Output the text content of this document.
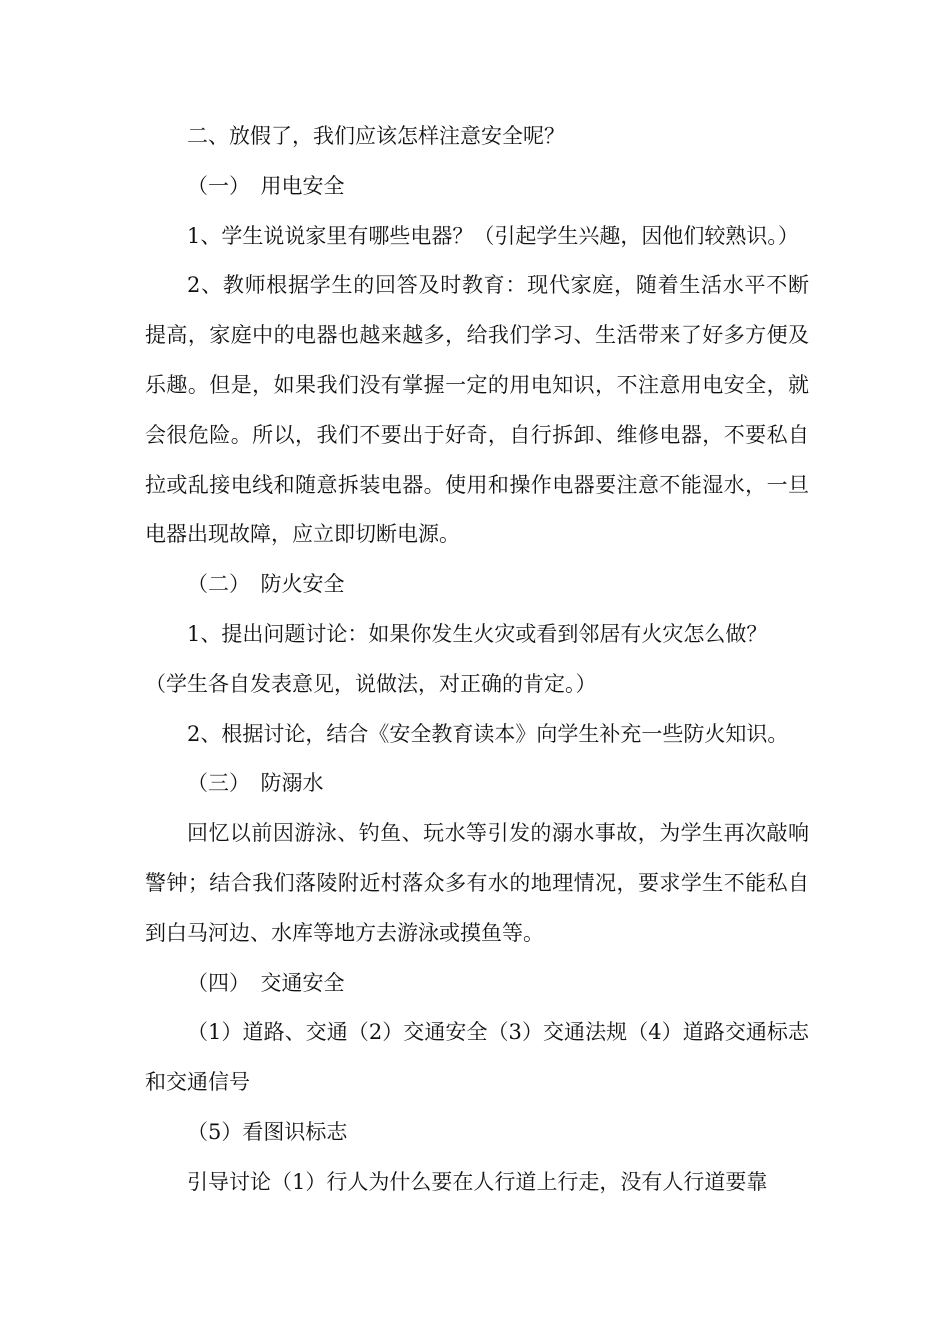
二、放假了，我们应该怎样注意安全呢？

（一）　用电安全

1、学生说说家里有哪些电器？（引起学生兴趣，因他们较熟识。）

2、教师根据学生的回答及时教育：现代家庭，随着生活水平不断提高，家庭中的电器也越来越多，给我们学习、生活带来了好多方便及乐趣。但是，如果我们没有掌握一定的用电知识，不注意用电安全，就会很危险。所以，我们不要出于好奇，自行拆卸、维修电器，不要私自拉或乱接电线和随意拆装电器。使用和操作电器要注意不能湿水，一旦电器出现故障，应立即切断电源。

（二）　防火安全

1、提出问题讨论：如果你发生火灾或看到邻居有火灾怎么做？

（学生各自发表意见，说做法，对正确的肯定。）

2、根据讨论，结合《安全教育读本》向学生补充一些防火知识。

（三）　防溺水

回忆以前因游泳、钓鱼、玩水等引发的溺水事故，为学生再次敲响警钟；结合我们落陵附近村落众多有水的地理情况，要求学生不能私自到白马河边、水库等地方去游泳或摸鱼等。

（四）　交通安全

（1）道路、交通（2）交通安全（3）交通法规（4）道路交通标志和交通信号

（5）看图识标志

引导讨论（1）行人为什么要在人行道上行走，没有人行道要靠
